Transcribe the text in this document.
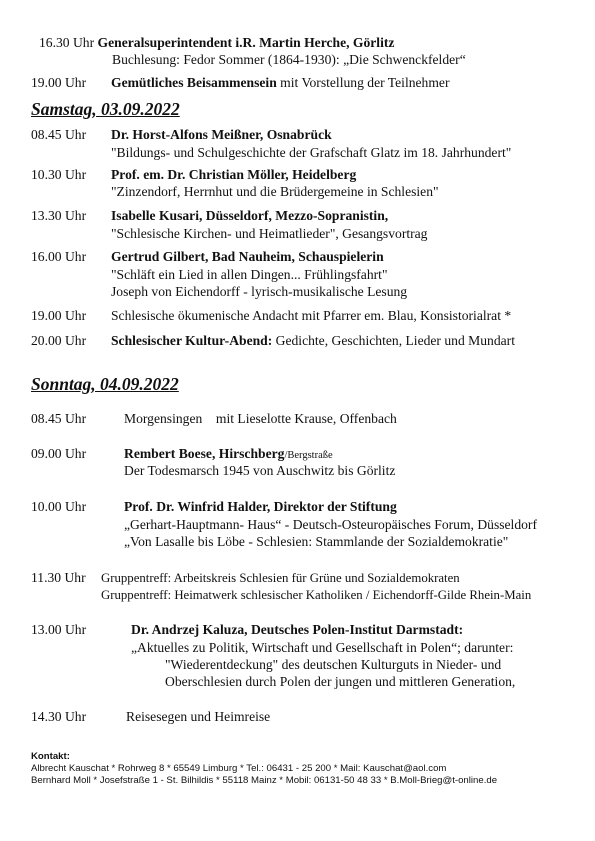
16.30 Uhr Generalsuperintendent i.R. Martin Herche, Görlitz
Buchlesung: Fedor Sommer (1864-1930): „Die Schwenckfelder“
19.00 Uhr Gemütliches Beisammensein mit Vorstellung der Teilnehmer
Samstag, 03.09.2022
08.45 Uhr Dr. Horst-Alfons Meißner, Osnabrück
"Bildungs- und Schulgeschichte der Grafschaft Glatz im 18. Jahrhundert"
10.30 Uhr Prof. em. Dr. Christian Möller, Heidelberg
"Zinzendorf, Herrnhut und die Brüdergemeine in Schlesien"
13.30 Uhr Isabelle Kusari, Düsseldorf, Mezzo-Sopranistin,
"Schlesische Kirchen- und Heimatlieder", Gesangsvortrag
16.00 Uhr Gertrud Gilbert, Bad Nauheim, Schauspielerin
"Schläft ein Lied in allen Dingen... Frühlingsfahrt"
Joseph von Eichendorff - lyrisch-musikalische Lesung
19.00 Uhr Schlesische ökumenische Andacht mit Pfarrer em. Blau, Konsistorialrat *
20.00 Uhr Schlesischer Kultur-Abend: Gedichte, Geschichten, Lieder und Mundart
Sonntag, 04.09.2022
08.45 Uhr	Morgensingen    mit Lieselotte Krause, Offenbach
09.00 Uhr	Rembert Boese, Hirschberg/Bergstraße
Der Todesmarsch 1945 von Auschwitz bis Görlitz
10.00 Uhr	Prof. Dr. Winfrid Halder, Direktor der Stiftung
„Gerhart-Hauptmann- Haus“ - Deutsch-Osteuropäisches Forum, Düsseldorf
„Von Lasalle bis Löbe - Schlesien: Stammlande der Sozialdemokratie"
11.30 Uhr Gruppentreff: Arbeitskreis Schlesien für Grüne und Sozialdemokraten
Gruppentreff: Heimatwerk schlesischer Katholiken / Eichendorff-Gilde Rhein-Main
13.00 Uhr	Dr. Andrzej Kaluza, Deutsches Polen-Institut Darmstadt:
„Aktuelles zu Politik, Wirtschaft und Gesellschaft in Polen“; darunter:
"Wiederentdeckung" des deutschen Kulturguts in Nieder- und
Oberschlesien durch Polen der jungen und mittleren Generation,
14.30 Uhr	Reisesegen und Heimreise
Kontakt:
Albrecht Kauschat * Rohrweg 8 * 65549 Limburg * Tel.: 06431 - 25 200 * Mail: Kauschat@aol.com
Bernhard Moll * Josefstraße 1 - St. Bilhildis * 55118 Mainz * Mobil: 06131-50 48 33 * B.Moll-Brieg@t-online.de
